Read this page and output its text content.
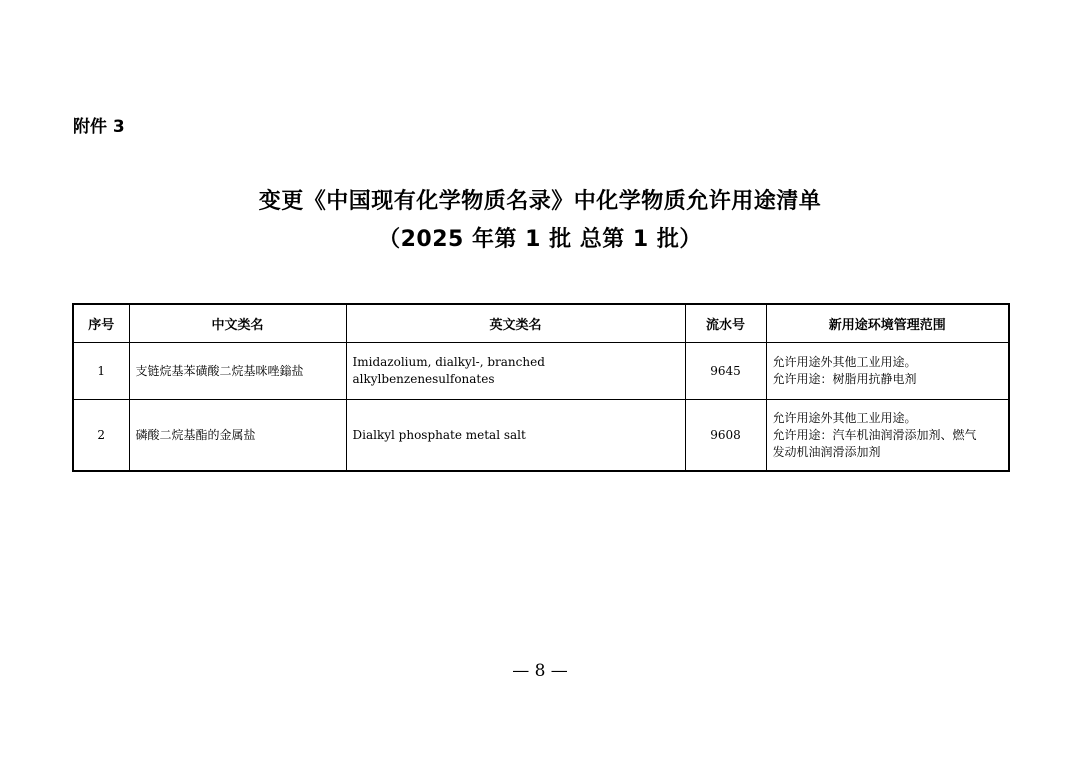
附件 3
变更《中国现有化学物质名录》中化学物质允许用途清单
（2025 年第 1 批 总第 1 批）
序号	中文类名	英文类名	流水号	新用途环境管理范围
1	支链烷基苯磺酸二烷基咪唑鎓盐	Imidazolium, dialkyl-, branched alkylbenzenesulfonates	9645	允许用途外其他工业用途。
允许用途：树脂用抗静电剂

2	磷酸二烷基酯的金属盐	Dialkyl phosphate metal salt	9608	允许用途外其他工业用途。
允许用途：汽车机油润滑添加剂、燃气
发动机油润滑添加剂
— 8 —
